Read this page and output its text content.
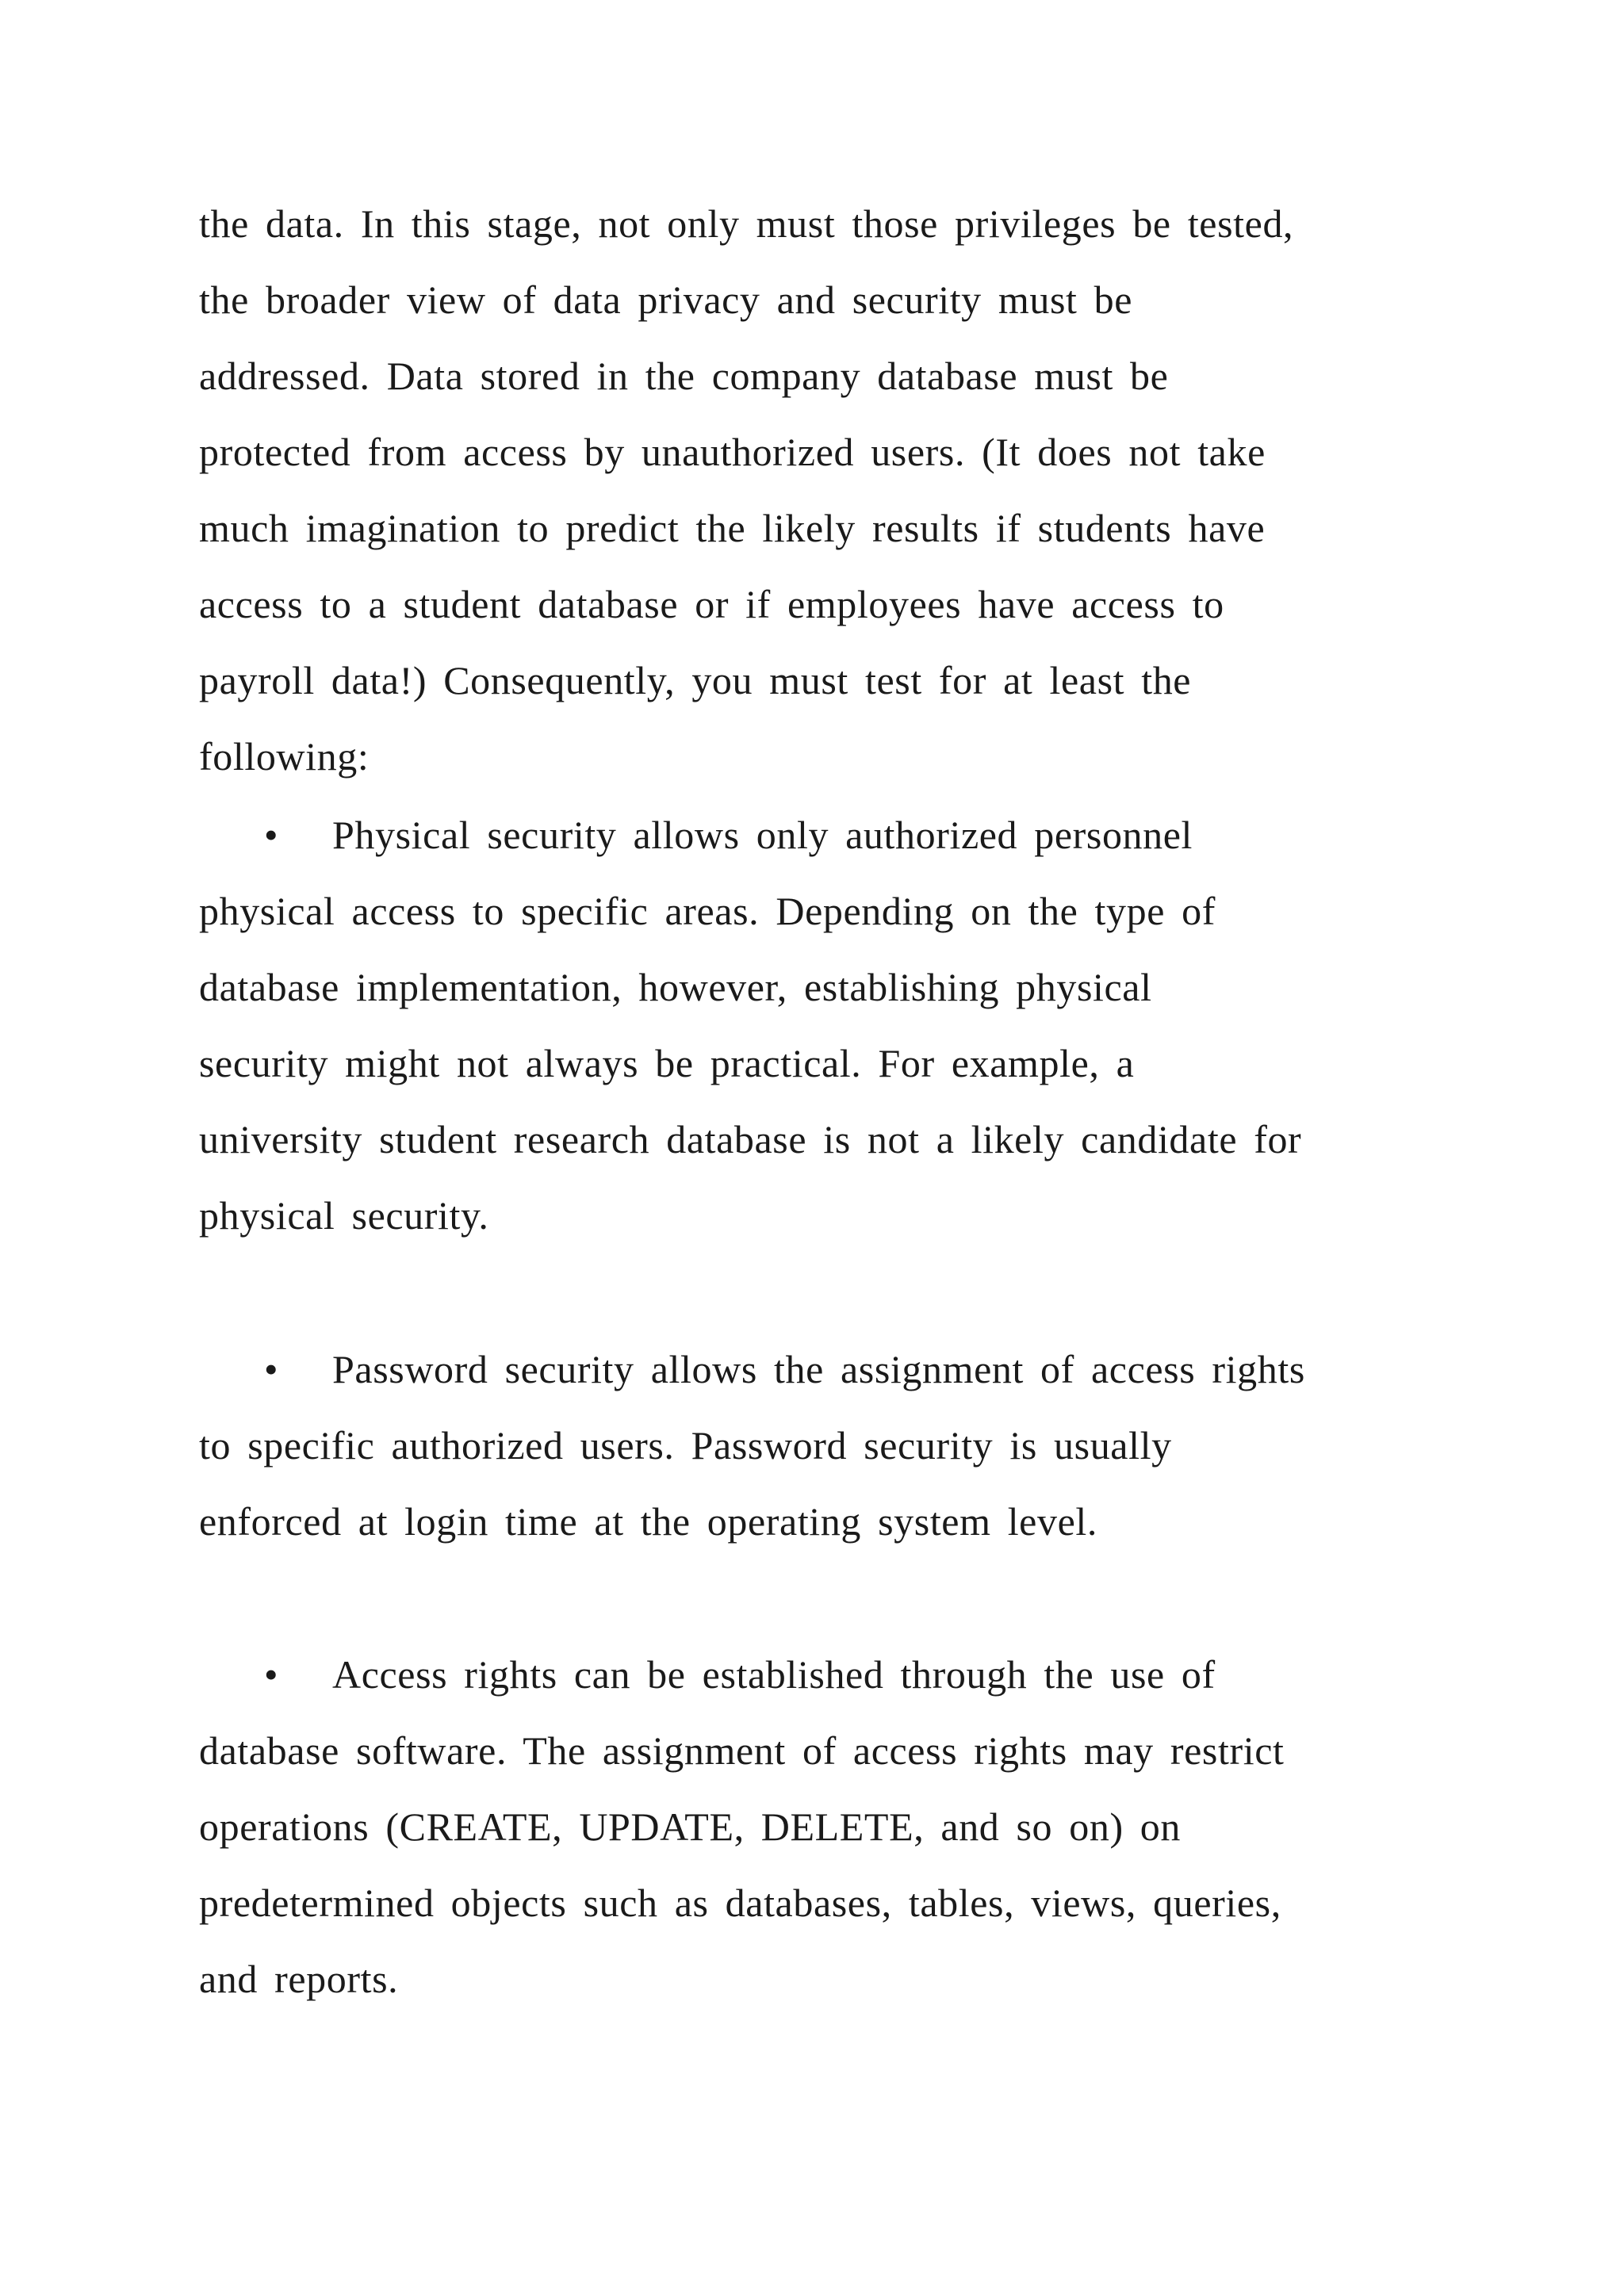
the data. In this stage, not only must those privileges be tested,
the broader view of data privacy and security must be
addressed. Data stored in the company database must be
protected from access by unauthorized users. (It does not take
much imagination to predict the likely results if students have
access to a student database or if employees have access to
payroll data!) Consequently, you must test for at least the
following:
• Physical security allows only authorized personnel
physical access to specific areas. Depending on the type of
database implementation, however, establishing physical
security might not always be practical. For example, a
university student research database is not a likely candidate for
physical security.
• Password security allows the assignment of access rights
to specific authorized users. Password security is usually
enforced at login time at the operating system level.
• Access rights can be established through the use of
database software. The assignment of access rights may restrict
operations (CREATE, UPDATE, DELETE, and so on) on
predetermined objects such as databases, tables, views, queries,
and reports.
